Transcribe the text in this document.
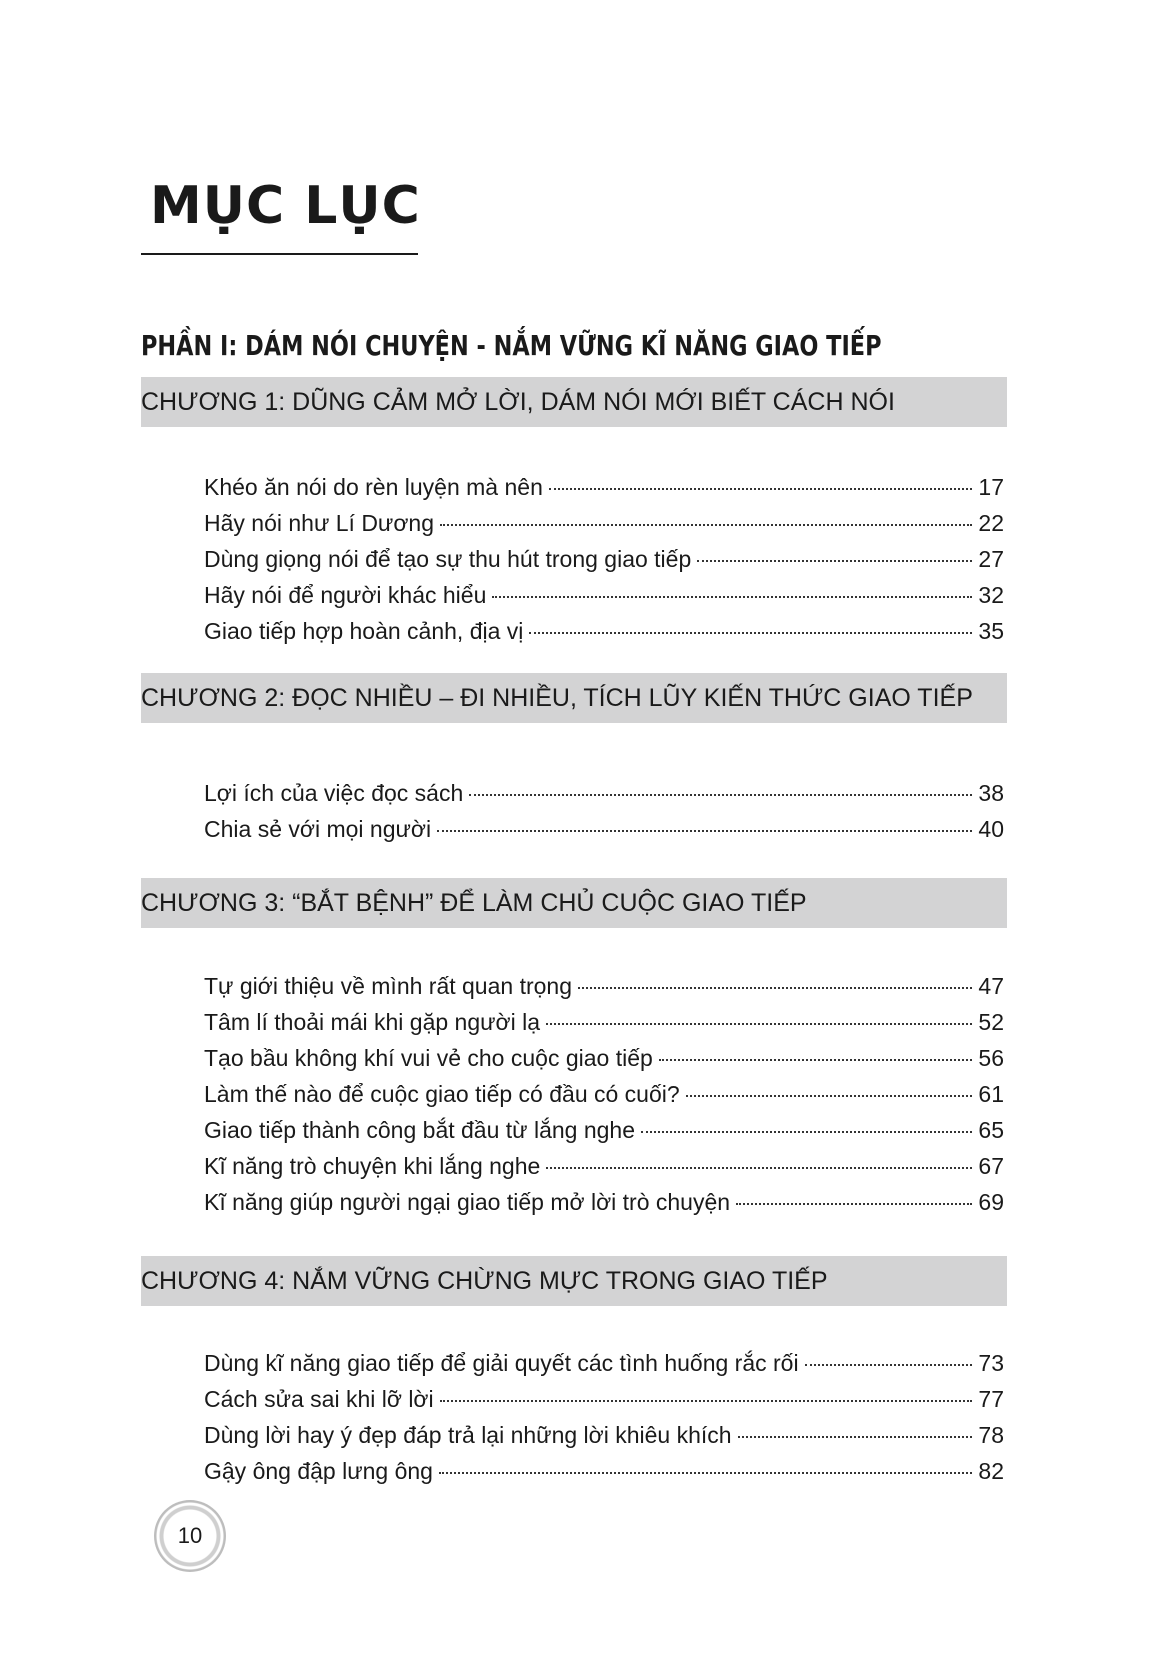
MỤC LỤC
PHẦN I: DÁM NÓI CHUYỆN - NẮM VỮNG KĨ NĂNG GIAO TIẾP
CHƯƠNG 1: DŨNG CẢM MỞ LỜI, DÁM NÓI MỚI BIẾT CÁCH NÓI
Khéo ăn nói do rèn luyện mà nên	17
Hãy nói như Lí Dương	22
Dùng giọng nói để tạo sự thu hút trong giao tiếp	27
Hãy nói để người khác hiểu	32
Giao tiếp hợp hoàn cảnh, địa vị	35
CHƯƠNG 2: ĐỌC NHIỀU – ĐI NHIỀU, TÍCH LŨY KIẾN THỨC GIAO TIẾP
Lợi ích của việc đọc sách	38
Chia sẻ với mọi người	40
CHƯƠNG 3: “BẮT BỆNH” ĐỂ LÀM CHỦ CUỘC GIAO TIẾP
Tự giới thiệu về mình rất quan trọng	47
Tâm lí thoải mái khi gặp người lạ	52
Tạo bầu không khí vui vẻ cho cuộc giao tiếp	56
Làm thế nào để cuộc giao tiếp có đầu có cuối?	61
Giao tiếp thành công bắt đầu từ lắng nghe	65
Kĩ năng trò chuyện khi lắng nghe	67
Kĩ năng giúp người ngại giao tiếp mở lời trò chuyện	69
CHƯƠNG 4: NẮM VỮNG CHỪNG MỰC TRONG GIAO TIẾP
Dùng kĩ năng giao tiếp để giải quyết các tình huống rắc rối	73
Cách sửa sai khi lỡ lời	77
Dùng lời hay ý đẹp đáp trả lại những lời khiêu khích	78
Gậy ông đập lưng ông	82
10
